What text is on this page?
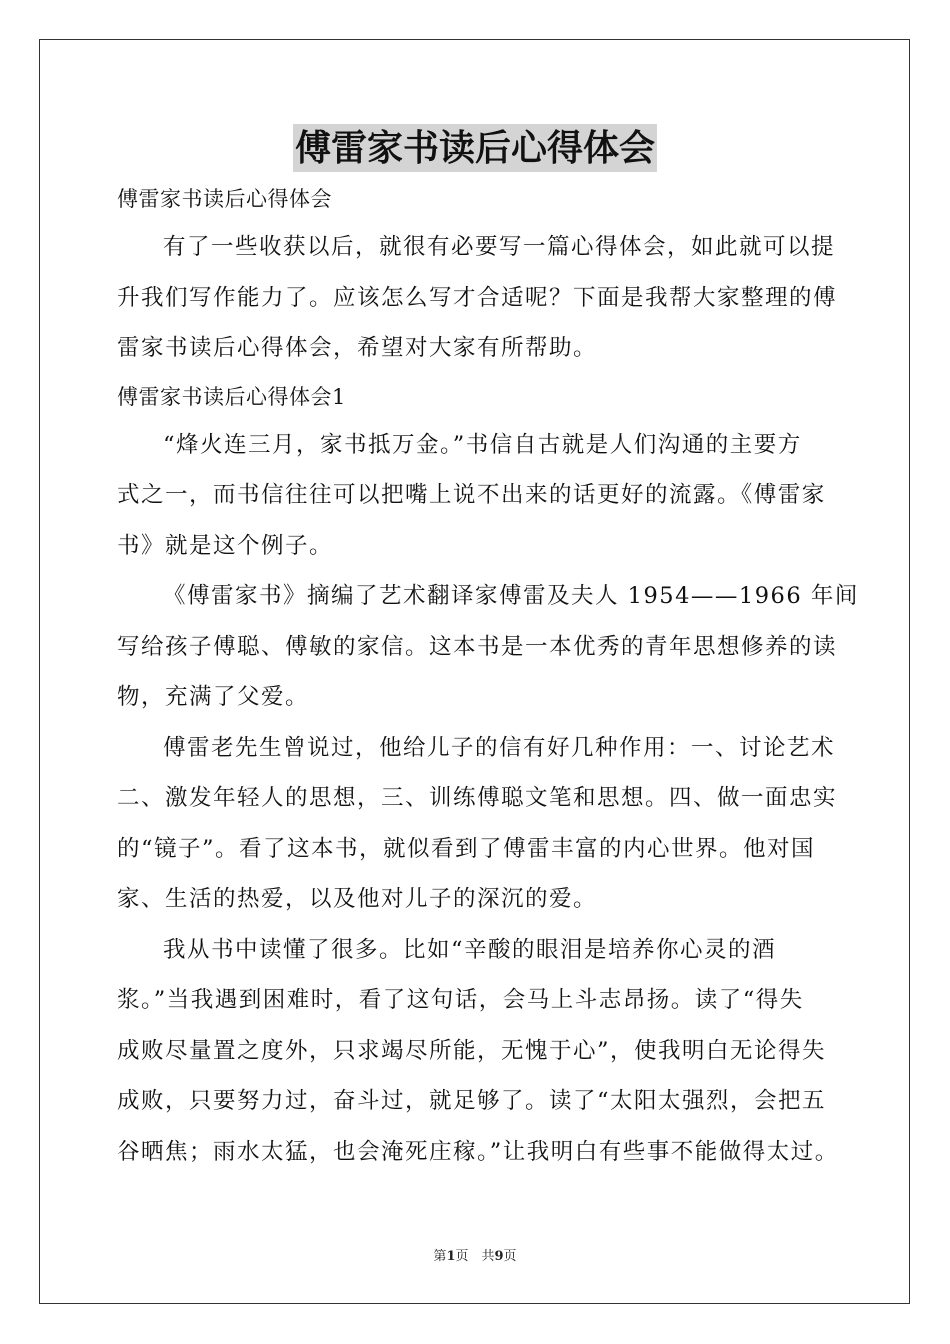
傅雷家书读后心得体会
傅雷家书读后心得体会
有了一些收获以后，就很有必要写一篇心得体会，如此就可以提
升我们写作能力了。应该怎么写才合适呢？下面是我帮大家整理的傅
雷家书读后心得体会，希望对大家有所帮助。
傅雷家书读后心得体会1
“烽火连三月，家书抵万金。”书信自古就是人们沟通的主要方
式之一，而书信往往可以把嘴上说不出来的话更好的流露。《傅雷家
书》就是这个例子。
《傅雷家书》摘编了艺术翻译家傅雷及夫人 1954——1966 年间
写给孩子傅聪、傅敏的家信。这本书是一本优秀的青年思想修养的读
物，充满了父爱。
傅雷老先生曾说过，他给儿子的信有好几种作用：一、讨论艺术
二、激发年轻人的思想，三、训练傅聪文笔和思想。四、做一面忠实
的“镜子”。看了这本书，就似看到了傅雷丰富的内心世界。他对国
家、生活的热爱，以及他对儿子的深沉的爱。
我从书中读懂了很多。比如“辛酸的眼泪是培养你心灵的酒
浆。”当我遇到困难时，看了这句话，会马上斗志昂扬。读了“得失
成败尽量置之度外，只求竭尽所能，无愧于心”，使我明白无论得失
成败，只要努力过，奋斗过，就足够了。读了“太阳太强烈，会把五
谷晒焦；雨水太猛，也会淹死庄稼。”让我明白有些事不能做得太过。
第1页　共9页
